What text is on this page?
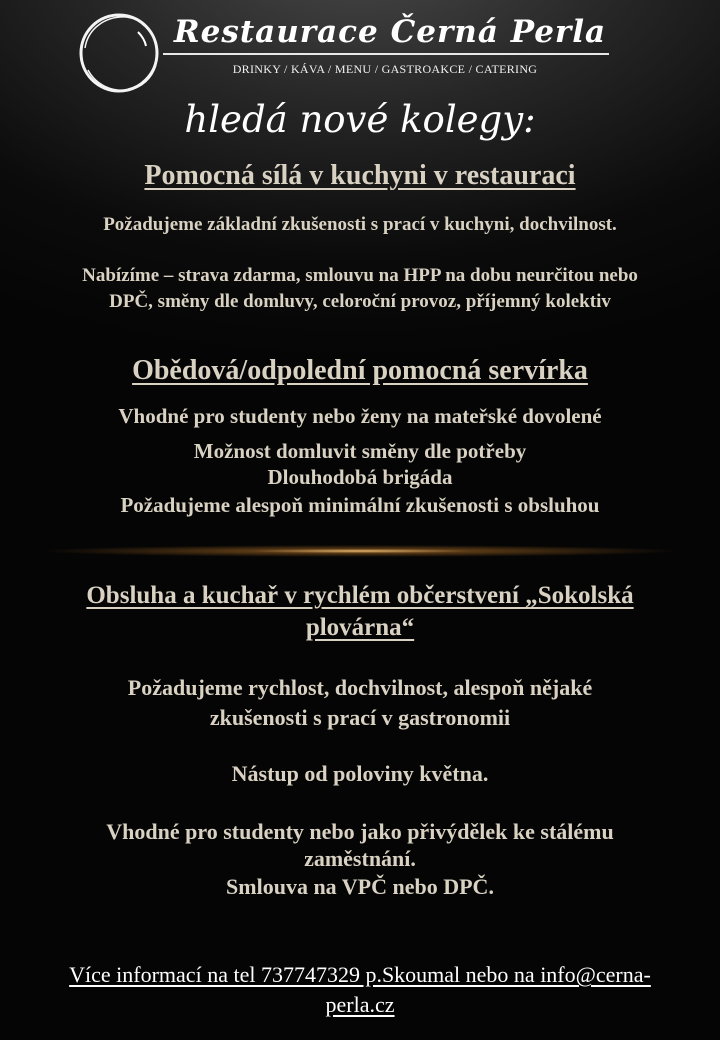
Restaurace Černá Perla
DRINKY / KÁVA / MENU / GASTROAKCE / CATERING
hledá nové kolegy:
Pomocná sílá v kuchyni v restauraci
Požadujeme základní zkušenosti s prací v kuchyni, dochvilnost.
Nabízíme – strava zdarma, smlouvu na HPP na dobu neurčitou nebo
DPČ, směny dle domluvy, celoroční provoz, příjemný kolektiv
Obědová/odpolední pomocná servírka
Vhodné pro studenty nebo ženy na mateřské dovolené
Možnost domluvit směny dle potřeby
Dlouhodobá brigáda
Požadujeme alespoň minimální zkušenosti s obsluhou
Obsluha a kuchař v rychlém občerstvení „Sokolská
plovárna“
Požadujeme rychlost, dochvilnost, alespoň nějaké
zkušenosti s prací v gastronomii
Nástup od poloviny května.
Vhodné pro studenty nebo jako přivýdělek ke stálému
zaměstnání.
Smlouva na VPČ nebo DPČ.
Více informací na tel 737747329 p.Skoumal nebo na info@cerna-
perla.cz
